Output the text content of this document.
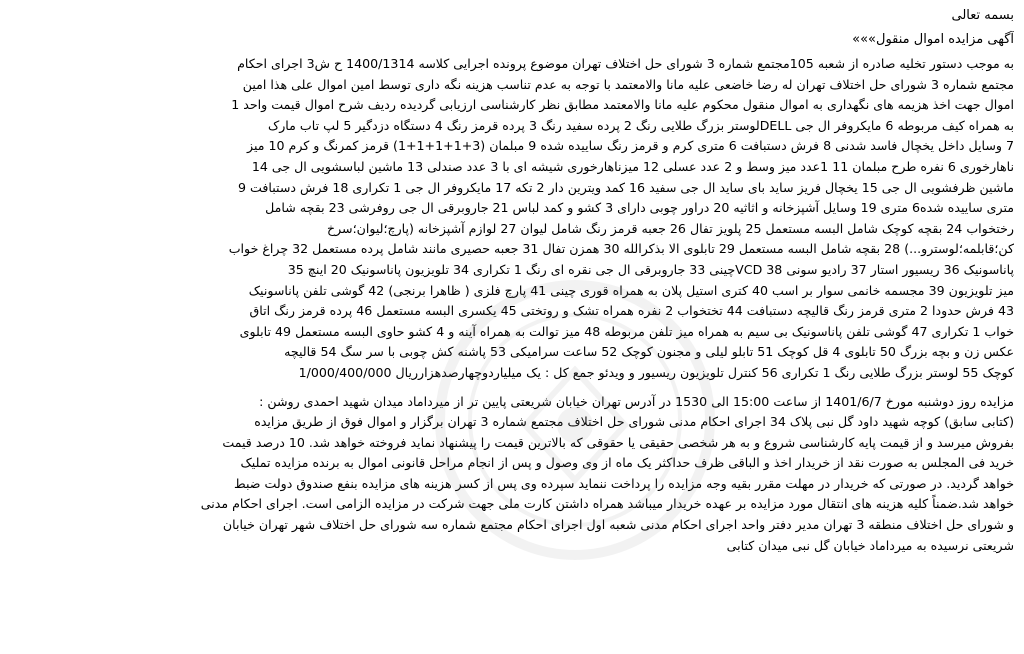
بسمه تعالی
آگهی مزایده اموال منقول»»»
به موجب دستور تخلیه صادره از شعبه 105مجتمع شماره 3 شورای حل اختلاف تهران موضوع پرونده اجرایی کلاسه 1400/1314 ح ش3 اجرای احکام
مجتمع شماره 3 شورای حل اختلاف تهران له رضا خاضعی علیه مانا والامعتمد با توجه به عدم تناسب هزینه نگه داری توسط امین اموال علی هذا امین
اموال جهت اخذ هزیمه های نگهداری به اموال منقول محکوم علیه مانا والامعتمد مطابق نظر کارشناسی ارزیابی گردیده ردیف شرح اموال قیمت واحد 1
به همراه کیف مربوطه 6 مایکروفر ال جی DELLلوستر بزرگ طلایی رنگ 2 پرده سفید رنگ 3 پرده قرمز رنگ 4 دستگاه دزدگیر 5 لپ تاب مارک
7 وسایل داخل یخچال فاسد شدنی 8 فرش دستبافت 6 متری کرم و قرمز رنگ ساییده شده 9 مبلمان (3+1+1+1+1) قرمز کمرنگ و کرم 10 میز
ناهارخوری 6 نفره طرح مبلمان 11 1عدد میز وسط و 2 عدد عسلی 12 میزناهارخوری شیشه ای با 3 عدد صندلی 13 ماشین لباسشویی ال جی 14
ماشین ظرفشویی ال جی 15 یخچال فریز ساید بای ساید ال جی سفید 16 کمد ویترین دار 2 تکه 17 مایکروفر ال جی 1 تکراری 18 فرش دستبافت 9
متری ساییده شده6 متری 19 وسایل آشپزخانه و اثاثیه 20 دراور چوبی دارای 3 کشو و کمد لباس 21 جاروبرقی ال جی روفرشی 23 بقچه شامل
رختخواب 24 بقچه کوچک شامل البسه مستعمل 25 پلویز تفال 26 جعبه قرمز رنگ شامل لیوان 27 لوازم آشپزخانه (پارچ؛لیوان؛سرخ
کن؛قابلمه؛لوسترو...) 28 بقچه شامل البسه مستعمل 29 تابلوی الا بذکرالله 30 همزن تفال 31 جعبه حصیری مانند شامل پرده مستعمل 32 چراغ خواب
پاناسونیک 36 ریسیور استار 37 رادیو سونی 38 VCDچینی 33 جاروبرقی ال جی نقره ای رنگ 1 تکراری 34 تلویزیون پاناسونیک 20 اینچ 35
میز تلویزیون 39 مجسمه خانمی سوار بر اسب 40 کتری استیل پلان به همراه قوری چینی 41 پارچ فلزی ( ظاهرا برنجی) 42 گوشی تلفن پاناسونیک
43 فرش حدودا 2 متری قرمز رنگ قالیچه دستبافت 44 تختخواب 2 نفره همراه تشک و روتختی 45 یکسری البسه مستعمل 46 پرده قرمز رنگ اتاق
خواب 1 تکراری 47 گوشی تلفن پاناسونیک بی سیم به همراه میز تلفن مربوطه 48 میز توالت به همراه آینه و 4 کشو حاوی البسه مستعمل 49 تابلوی
عکس زن و بچه بزرگ 50 تابلوی 4 قل کوچک 51 تابلو لیلی و مجنون کوچک 52 ساعت سرامیکی 53 پاشنه کش چوبی با سر سگ 54 قالیچه
کوچک 55 لوستر بزرگ طلایی رنگ 1 تکراری 56 کنترل تلویزیون ریسیور و ویدئو جمع کل : یک میلیاردوچهارصدهزارریال 1/000/400/000
مزایده روز دوشنبه مورخ 1401/6/7 از ساعت 15:00 الی 1530 در آدرس تهران خیابان شریعتی پایین تر از میرداماد میدان شهید احمدی روشن :
(کتابی سابق) کوچه شهید داود گل نبی پلاک 34 اجرای احکام مدنی شورای حل اختلاف مجتمع شماره 3 تهران برگزار و اموال فوق از طریق مزایده
بفروش میرسد و از قیمت پایه کارشناسی شروع و به هر شخصی حقیقی یا حقوقی که بالاترین قیمت را پیشنهاد نماید فروخته خواهد شد. 10 درصد قیمت
خرید فی المجلس به صورت نقد از خریدار اخذ و الباقی ظرف حداکثر یک ماه از وی وصول و پس از انجام مراحل قانونی اموال به برنده مزایده تملیک
خواهد گردید. در صورتی که خریدار در مهلت مقرر بقیه وجه مزایده را پرداخت ننماید سپرده وی پس از کسر هزینه های مزایده بنفع صندوق دولت ضبط
خواهد شد.ضمناً کلیه هزینه های انتقال مورد مزایده بر عهده خریدار میباشد همراه داشتن کارت ملی جهت شرکت در مزایده الزامی است. اجرای احکام مدنی
و شورای حل اختلاف منطقه 3 تهران مدیر دفتر واحد اجرای احکام مدنی شعبه اول اجرای احکام مجتمع شماره سه شورای حل اختلاف شهر تهران خیابان
شریعتی نرسیده به میرداماد خیابان گل نبی میدان کتابی
